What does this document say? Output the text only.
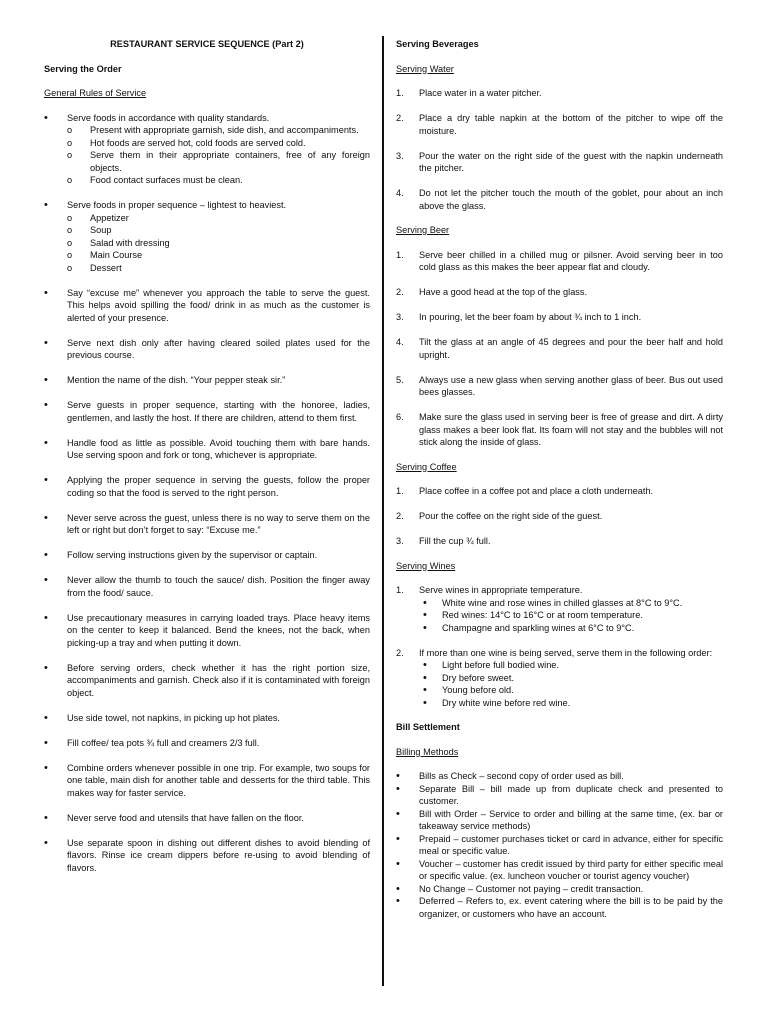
RESTAURANT SERVICE SEQUENCE (Part 2)
Serving the Order
General Rules of Service
• Serve foods in accordance with quality standards.
o Present with appropriate garnish, side dish, and accompaniments.
o Hot foods are served hot, cold foods are served cold.
o Serve them in their appropriate containers, free of any foreign objects.
o Food contact surfaces must be clean.
• Serve foods in proper sequence – lightest to heaviest.
o Appetizer
o Soup
o Salad with dressing
o Main Course
o Dessert
• Say “excuse me” whenever you approach the table to serve the guest. This helps avoid spilling the food/ drink in as much as the customer is alerted of your presence.
• Serve next dish only after having cleared soiled plates used for the previous course.
• Mention the name of the dish. “Your pepper steak sir.”
• Serve guests in proper sequence, starting with the honoree, ladies, gentlemen, and lastly the host. If there are children, attend to them first.
• Handle food as little as possible. Avoid touching them with bare hands. Use serving spoon and fork or tong, whichever is appropriate.
• Applying the proper sequence in serving the guests, follow the proper coding so that the food is served to the right person.
• Never serve across the guest, unless there is no way to serve them on the left or right but don’t forget to say: “Excuse me.”
• Follow serving instructions given by the supervisor or captain.
• Never allow the thumb to touch the sauce/ dish. Position the finger away from the food/ sauce.
• Use precautionary measures in carrying loaded trays. Place heavy items on the center to keep it balanced. Bend the knees, not the back, when picking-up a tray and when putting it down.
• Before serving orders, check whether it has the right portion size, accompaniments and garnish. Check also if it is contaminated with foreign object.
• Use side towel, not napkins, in picking up hot plates.
• Fill coffee/ tea pots ¾ full and creamers 2/3 full.
• Combine orders whenever possible in one trip. For example, two soups for one table, main dish for another table and desserts for the third table. This makes way for faster service.
• Never serve food and utensils that have fallen on the floor.
• Use separate spoon in dishing out different dishes to avoid blending of flavors. Rinse ice cream dippers before re-using to avoid blending of flavors.
Serving Beverages
Serving Water
1. Place water in a water pitcher.
2. Place a dry table napkin at the bottom of the pitcher to wipe off the moisture.
3. Pour the water on the right side of the guest with the napkin underneath the pitcher.
4. Do not let the pitcher touch the mouth of the goblet, pour about an inch above the glass.
Serving Beer
1. Serve beer chilled in a chilled mug or pilsner. Avoid serving beer in too cold glass as this makes the beer appear flat and cloudy.
2. Have a good head at the top of the glass.
3. In pouring, let the beer foam by about ¾ inch to 1 inch.
4. Tilt the glass at an angle of 45 degrees and pour the beer half and hold upright.
5. Always use a new glass when serving another glass of beer. Bus out used bees glasses.
6. Make sure the glass used in serving beer is free of grease and dirt. A dirty glass makes a beer look flat. Its foam will not stay and the bubbles will not stick along the inside of glass.
Serving Coffee
1. Place coffee in a coffee pot and place a cloth underneath.
2. Pour the coffee on the right side of the guest.
3. Fill the cup ¾ full.
Serving Wines
1. Serve wines in appropriate temperature.
• White wine and rose wines in chilled glasses at 8°C to 9°C.
• Red wines: 14°C to 16°C or at room temperature.
• Champagne and sparkling wines at 6°C to 9°C.
2. If more than one wine is being served, serve them in the following order:
• Light before full bodied wine.
• Dry before sweet.
• Young before old.
• Dry white wine before red wine.
Bill Settlement
Billing Methods
• Bills as Check – second copy of order used as bill.
• Separate Bill – bill made up from duplicate check and presented to customer.
• Bill with Order – Service to order and billing at the same time, (ex. bar or takeaway service methods)
• Prepaid – customer purchases ticket or card in advance, either for specific meal or specific value.
• Voucher – customer has credit issued by third party for either specific meal or specific value. (ex. luncheon voucher or tourist agency voucher)
• No Change – Customer not paying – credit transaction.
• Deferred – Refers to, ex. event catering where the bill is to be paid by the organizer, or customers who have an account.
